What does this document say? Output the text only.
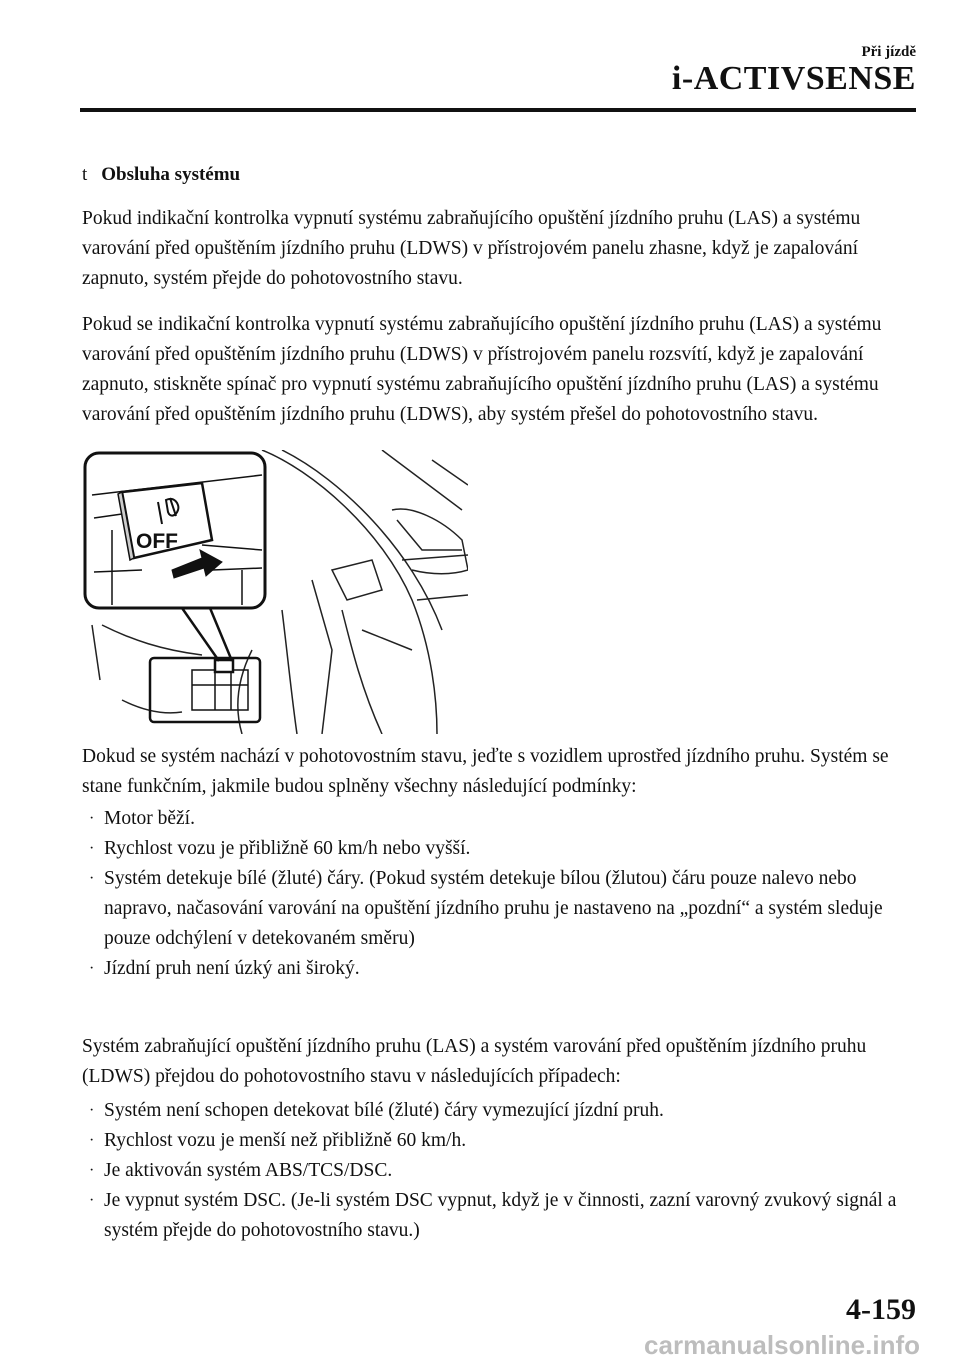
Při jízdě
i-ACTIVSENSE
t Obsluha systému

Pokud indikační kontrolka vypnutí systému zabraňujícího opuštění jízdního pruhu (LAS) a systému varování před opuštěním jízdního pruhu (LDWS) v přístrojovém panelu zhasne, když je zapalování zapnuto, systém přejde do pohotovostního stavu.

Pokud se indikační kontrolka vypnutí systému zabraňujícího opuštění jízdního pruhu (LAS) a systému varování před opuštěním jízdního pruhu (LDWS) v přístrojovém panelu rozsvítí, když je zapalování zapnuto, stiskněte spínač pro vypnutí systému zabraňujícího opuštění jízdního pruhu (LAS) a systému varování před opuštěním jízdního pruhu (LDWS), aby systém přešel do pohotovostního stavu.

OFF

Dokud se systém nachází v pohotovostním stavu, jeďte s vozidlem uprostřed jízdního pruhu. Systém se stane funkčním, jakmile budou splněny všechny následující podmínky:

· Motor běží.
· Rychlost vozu je přibližně 60 km/h nebo vyšší.
· Systém detekuje bílé (žluté) čáry. (Pokud systém detekuje bílou (žlutou) čáru pouze nalevo nebo napravo, načasování varování na opuštění jízdního pruhu je nastaveno na „pozdní“ a systém sleduje pouze odchýlení v detekovaném směru)
· Jízdní pruh není úzký ani široký.

Systém zabraňující opuštění jízdního pruhu (LAS) a systém varování před opuštěním jízdního pruhu (LDWS) přejdou do pohotovostního stavu v následujících případech:

· Systém není schopen detekovat bílé (žluté) čáry vymezující jízdní pruh.
· Rychlost vozu je menší než přibližně 60 km/h.
· Je aktivován systém ABS/TCS/DSC.
· Je vypnut systém DSC. (Je-li systém DSC vypnut, když je v činnosti, zazní varovný zvukový signál a systém přejde do pohotovostního stavu.)
4-159
carmanualsonline.info
